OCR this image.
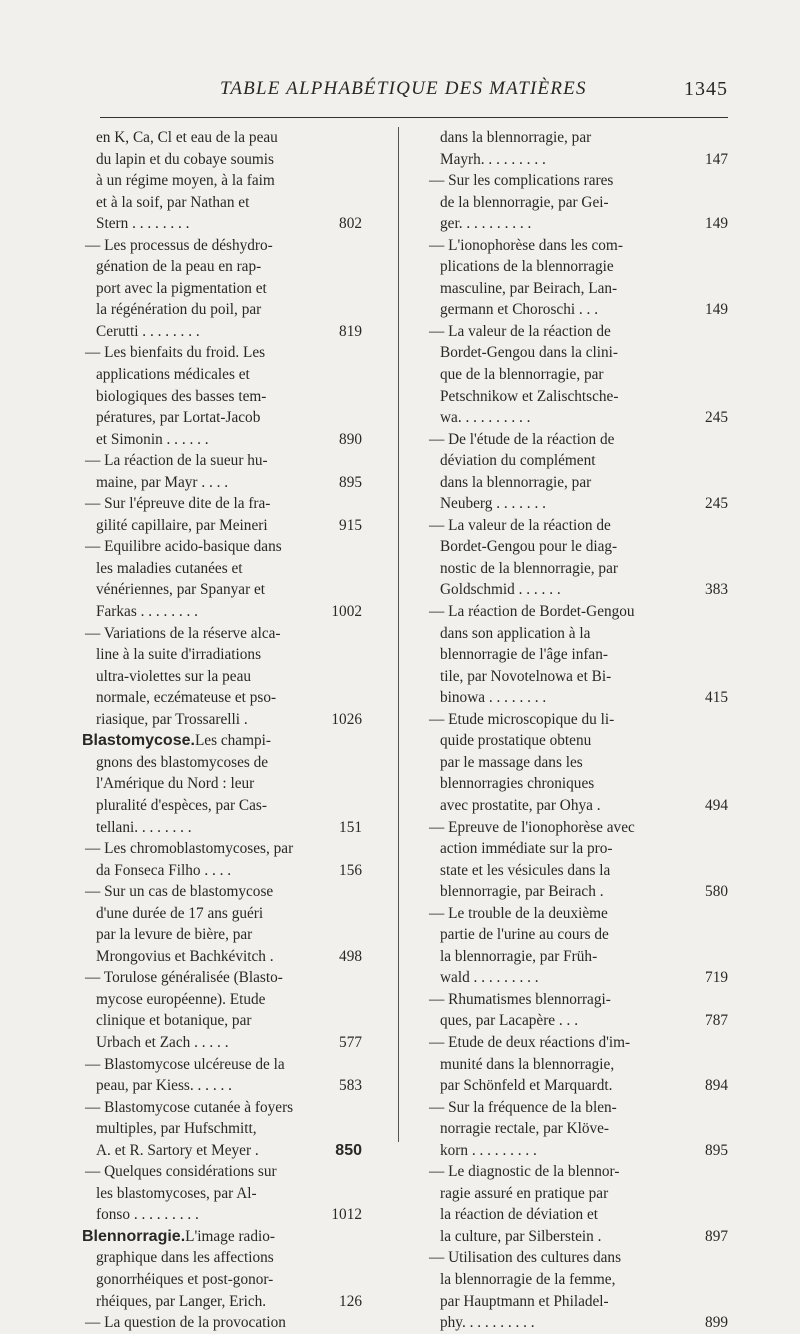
TABLE ALPHABÉTIQUE DES MATIÈRES	1345
en K, Ca, Cl et eau de la peau
du lapin et du cobaye soumis
à un régime moyen, à la faim
et à la soif, par Nathan et
Stern . . . . . . . .	802
— Les processus de déshydro-
génation de la peau en rap-
port avec la pigmentation et
la régénération du poil, par
Cerutti . . . . . . . .	819
— Les bienfaits du froid. Les
applications médicales et
biologiques des basses tem-
pératures, par Lortat-Jacob
et Simonin . . . . . .	890
— La réaction de la sueur hu-
maine, par Mayr . . . .	895
— Sur l'épreuve dite de la fra-
gilité capillaire, par Meineri	915
— Equilibre acido-basique dans
les maladies cutanées et
vénériennes, par Spanyar et
Farkas . . . . . . . .	1002
— Variations de la réserve alca-
line à la suite d'irradiations
ultra-violettes sur la peau
normale, eczémateuse et pso-
riasique, par Trossarelli .	1026
Blastomycose.Les champi-
gnons des blastomycoses de
l'Amérique du Nord : leur
pluralité d'espèces, par Cas-
tellani. . . . . . . .	151
— Les chromoblastomycoses, par
da Fonseca Filho . . . .	156
— Sur un cas de blastomycose
d'une durée de 17 ans guéri
par la levure de bière, par
Mrongovius et Bachkévitch .	498
— Torulose généralisée (Blasto-
mycose européenne). Etude
clinique et botanique, par
Urbach et Zach . . . . .	577
— Blastomycose ulcéreuse de la
peau, par Kiess. . . . . .	583
— Blastomycose cutanée à foyers
multiples, par Hufschmitt,
A. et R. Sartory et Meyer .	850
— Quelques considérations sur
les blastomycoses, par Al-
fonso . . . . . . . . .	1012
Blennorragie.L'image radio-
graphique dans les affections
gonorrhéiques et post-gonor-
rhéiques, par Langer, Erich.	126
— La question de la provocation
dans la blennorragie, par
Mayrh. . . . . . . . .	147
— Sur les complications rares
de la blennorragie, par Gei-
ger. . . . . . . . . .	149
— L'ionophorèse dans les com-
plications de la blennorragie
masculine, par Beirach, Lan-
germann et Choroschi . . .	149
— La valeur de la réaction de
Bordet-Gengou dans la clini-
que de la blennorragie, par
Petschnikow et Zalischtsche-
wa. . . . . . . . . .	245
— De l'étude de la réaction de
déviation du complément
dans la blennorragie, par
Neuberg . . . . . . .	245
— La valeur de la réaction de
Bordet-Gengou pour le diag-
nostic de la blennorragie, par
Goldschmid . . . . . .	383
— La réaction de Bordet-Gengou
dans son application à la
blennorragie de l'âge infan-
tile, par Novotelnowa et Bi-
binowa . . . . . . . .	415
— Etude microscopique du li-
quide prostatique obtenu
par le massage dans les
blennorragies chroniques
avec prostatite, par Ohya .	494
— Epreuve de l'ionophorèse avec
action immédiate sur la pro-
state et les vésicules dans la
blennorragie, par Beirach .	580
— Le trouble de la deuxième
partie de l'urine au cours de
la blennorragie, par Früh-
wald . . . . . . . . .	719
— Rhumatismes blennorragi-
ques, par Lacapère . . .	787
— Etude de deux réactions d'im-
munité dans la blennorragie,
par Schönfeld et Marquardt.	894
— Sur la fréquence de la blen-
norragie rectale, par Klöve-
korn . . . . . . . . .	895
— Le diagnostic de la blennor-
ragie assuré en pratique par
la réaction de déviation et
la culture, par Silberstein .	897
— Utilisation des cultures dans
la blennorragie de la femme,
par Hauptmann et Philadel-
phy. . . . . . . . . .	899
